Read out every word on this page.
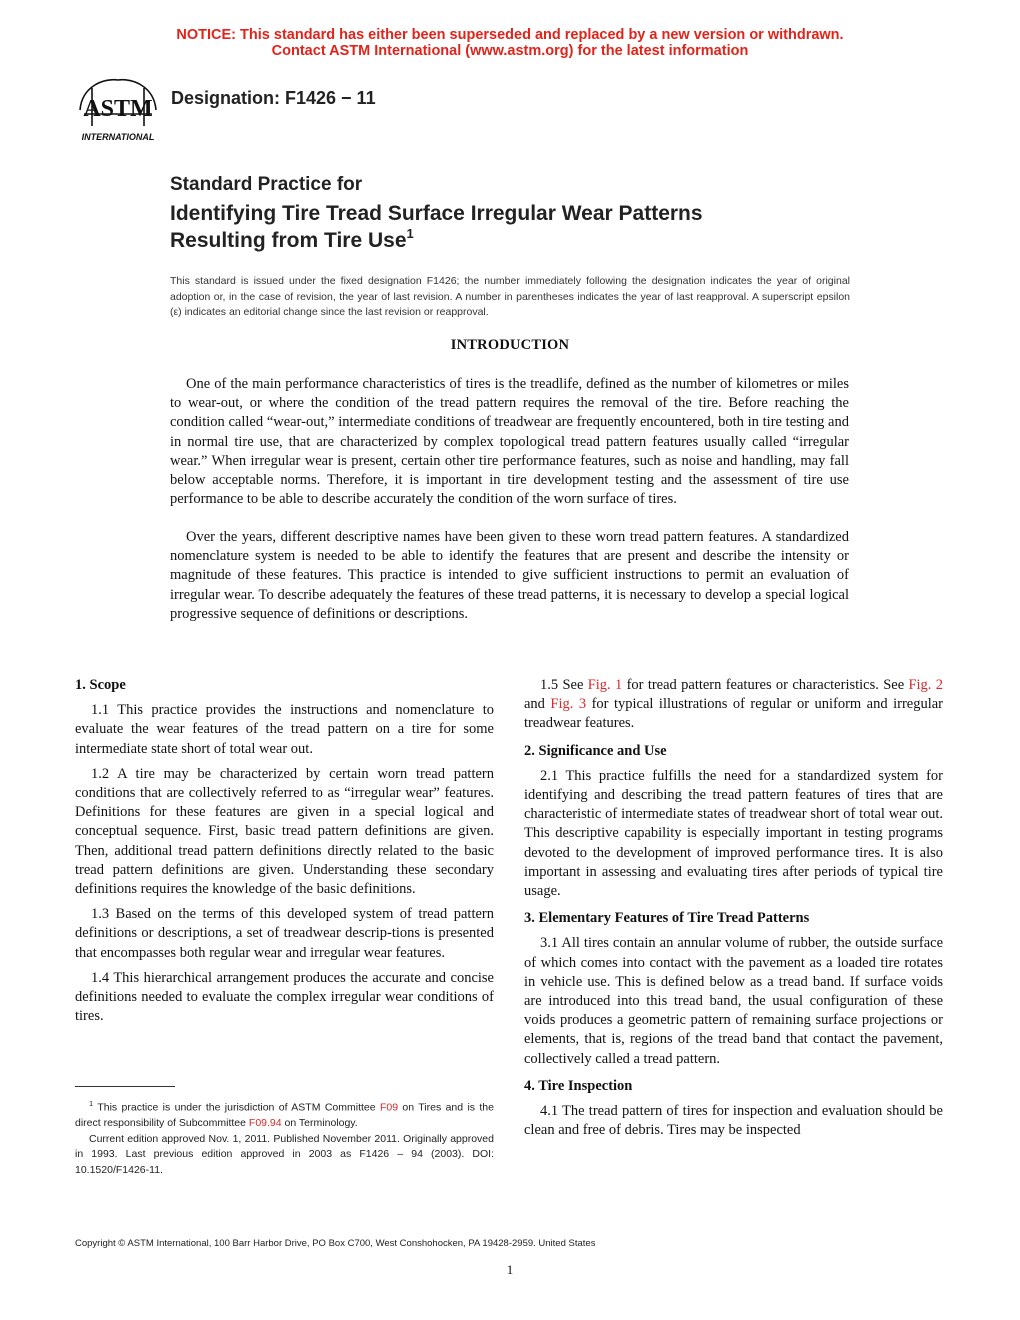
NOTICE: This standard has either been superseded and replaced by a new version or withdrawn.
Contact ASTM International (www.astm.org) for the latest information
ASTM
INTERNATIONAL
Designation: F1426 − 11
Standard Practice for
Identifying Tire Tread Surface Irregular Wear Patterns
Resulting from Tire Use$^1$
This standard is issued under the fixed designation F1426; the number immediately following the designation indicates the year of original adoption or, in the case of revision, the year of last revision. A number in parentheses indicates the year of last reapproval. A superscript epsilon (ε) indicates an editorial change since the last revision or reapproval.
INTRODUCTION

One of the main performance characteristics of tires is the treadlife, defined as the number of kilometres or miles to wear-out, or where the condition of the tread pattern requires the removal of the tire. Before reaching the condition called “wear-out,” intermediate conditions of treadwear are frequently encountered, both in tire testing and in normal tire use, that are characterized by complex topological tread pattern features usually called “irregular wear.” When irregular wear is present, certain other tire performance features, such as noise and handling, may fall below acceptable norms. Therefore, it is important in tire development testing and the assessment of tire use performance to be able to describe accurately the condition of the worn surface of tires.

Over the years, different descriptive names have been given to these worn tread pattern features. A standardized nomenclature system is needed to be able to identify the features that are present and describe the intensity or magnitude of these features. This practice is intended to give sufficient instructions to permit an evaluation of irregular wear. To describe adequately the features of these tread patterns, it is necessary to develop a special logical progressive sequence of definitions or descriptions.

1. Scope

1.1 This practice provides the instructions and nomenclature to evaluate the wear features of the tread pattern on a tire for some intermediate state short of total wear out.

1.2 A tire may be characterized by certain worn tread pattern conditions that are collectively referred to as “irregular wear” features. Definitions for these features are given in a special logical and conceptual sequence. First, basic tread pattern definitions are given. Then, additional tread pattern definitions directly related to the basic tread pattern definitions are given. Understanding these secondary definitions requires the knowledge of the basic definitions.

1.3 Based on the terms of this developed system of tread pattern definitions or descriptions, a set of treadwear descrip-tions is presented that encompasses both regular wear and irregular wear features.

1.4 This hierarchical arrangement produces the accurate and concise definitions needed to evaluate the complex irregular wear conditions of tires.

$^1$ This practice is under the jurisdiction of ASTM Committee F09 on Tires and is the direct responsibility of Subcommittee F09.94 on Terminology.

Current edition approved Nov. 1, 2011. Published November 2011. Originally approved in 1993. Last previous edition approved in 2003 as F1426 – 94 (2003). DOI: 10.1520/F1426-11.

1.5 See Fig. 1 for tread pattern features or characteristics. See Fig. 2 and Fig. 3 for typical illustrations of regular or uniform and irregular treadwear features.

2. Significance and Use

2.1 This practice fulfills the need for a standardized system for identifying and describing the tread pattern features of tires that are characteristic of intermediate states of treadwear short of total wear out. This descriptive capability is especially important in testing programs devoted to the development of improved performance tires. It is also important in assessing and evaluating tires after periods of typical tire usage.

3. Elementary Features of Tire Tread Patterns

3.1 All tires contain an annular volume of rubber, the outside surface of which comes into contact with the pavement as a loaded tire rotates in vehicle use. This is defined below as a tread band. If surface voids are introduced into this tread band, the usual configuration of these voids produces a geometric pattern of remaining surface projections or elements, that is, regions of the tread band that contact the pavement, collectively called a tread pattern.

4. Tire Inspection

4.1 The tread pattern of tires for inspection and evaluation should be clean and free of debris. Tires may be inspected

Copyright © ASTM International, 100 Barr Harbor Drive, PO Box C700, West Conshohocken, PA 19428-2959. United States
1
